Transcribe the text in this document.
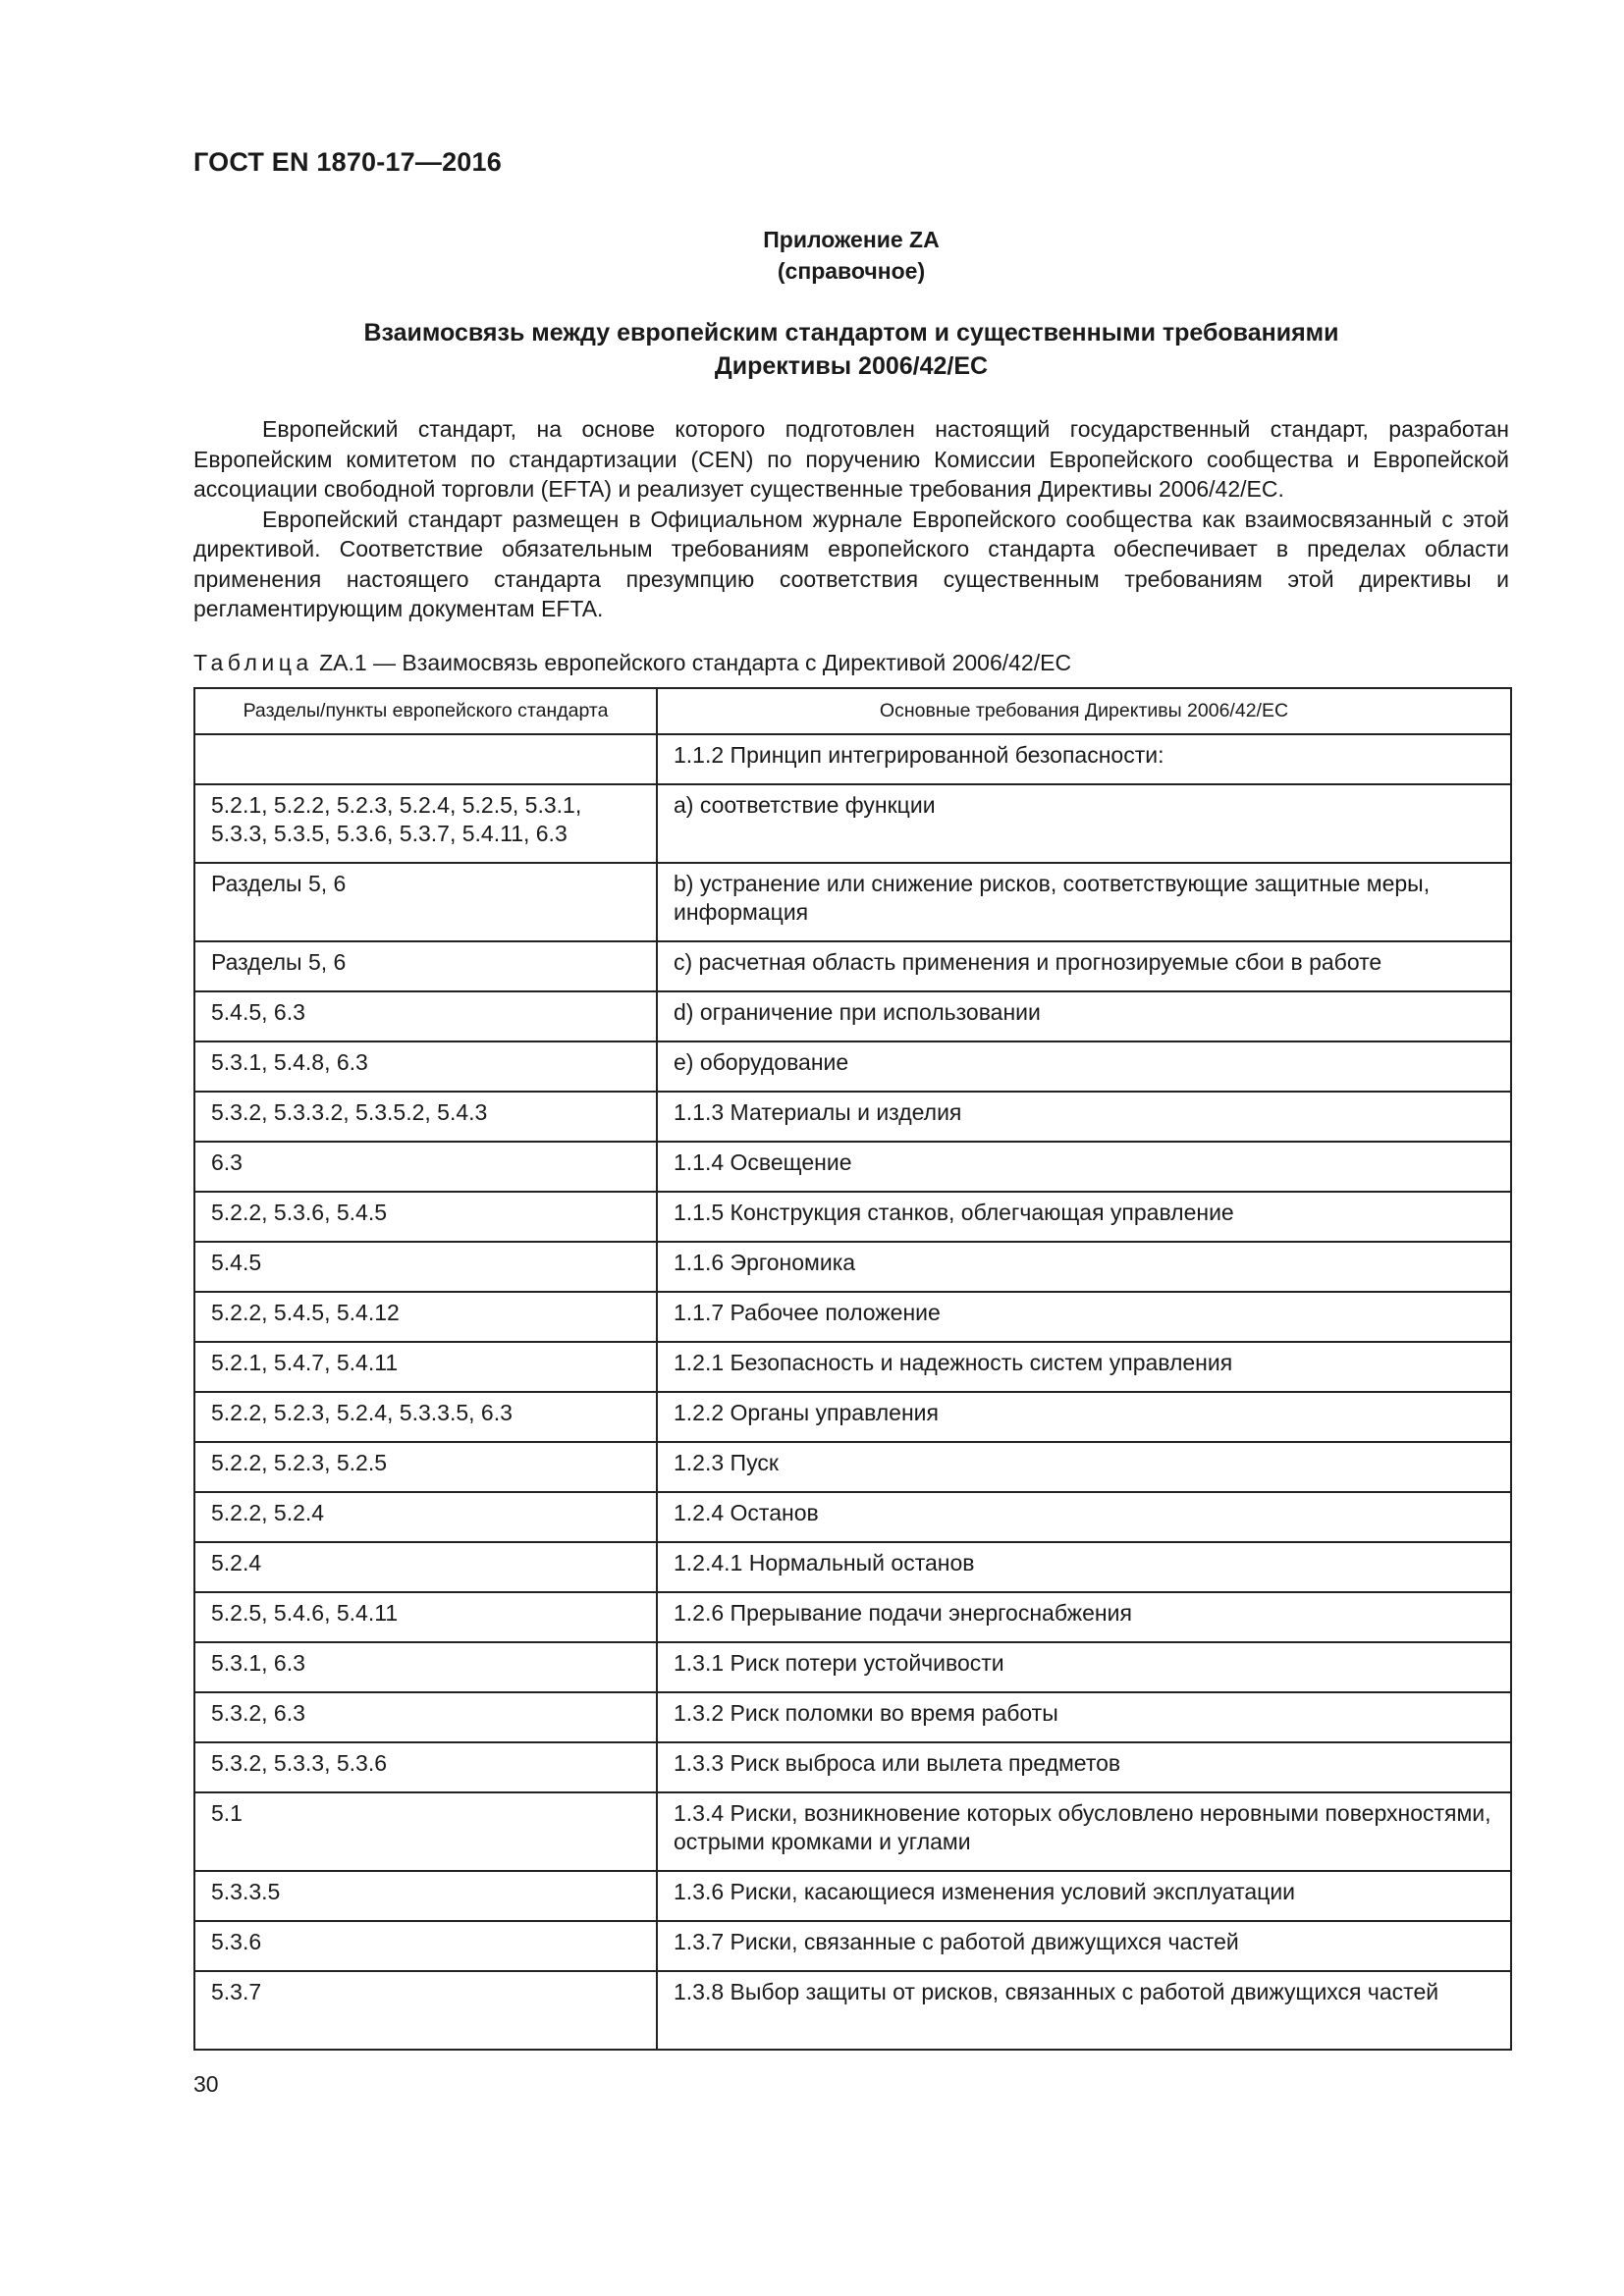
ГОСТ EN 1870-17—2016
Приложение ZA
(справочное)
Взаимосвязь между европейским стандартом и существенными требованиями
Директивы 2006/42/EC

Европейский стандарт, на основе которого подготовлен настоящий государственный стандарт, разработан Европейским комитетом по стандартизации (CEN) по поручению Комиссии Европейского сообщества и Европейской ассоциации свободной торговли (EFTA) и реализует существенные требования Директивы 2006/42/EC.

Европейский стандарт размещен в Официальном журнале Европейского сообщества как взаимосвязанный с этой директивой. Соответствие обязательным требованиям европейского стандарта обеспечивает в пределах области применения настоящего стандарта презумпцию соответствия существенным требованиям этой директивы и регламентирующим документам EFTA.

Таблица ZA.1 — Взаимосвязь европейского стандарта с Директивой 2006/42/EC
Разделы/пункты европейского стандарта	Основные требования Директивы 2006/42/EC
	1.1.2 Принцип интегрированной безопасности:
5.2.1, 5.2.2, 5.2.3, 5.2.4, 5.2.5, 5.3.1, 5.3.3, 5.3.5, 5.3.6, 5.3.7, 5.4.11, 6.3	a) соответствие функции
Разделы 5, 6	b) устранение или снижение рисков, соответствующие защитные меры, информация
Разделы 5, 6	c) расчетная область применения и прогнозируемые сбои в работе
5.4.5, 6.3	d) ограничение при использовании
5.3.1, 5.4.8, 6.3	e) оборудование
5.3.2, 5.3.3.2, 5.3.5.2, 5.4.3	1.1.3 Материалы и изделия
6.3	1.1.4 Освещение
5.2.2, 5.3.6, 5.4.5	1.1.5 Конструкция станков, облегчающая управление
5.4.5	1.1.6 Эргономика
5.2.2, 5.4.5, 5.4.12	1.1.7 Рабочее положение
5.2.1, 5.4.7, 5.4.11	1.2.1 Безопасность и надежность систем управления
5.2.2, 5.2.3, 5.2.4, 5.3.3.5, 6.3	1.2.2 Органы управления
5.2.2, 5.2.3, 5.2.5	1.2.3 Пуск
5.2.2, 5.2.4	1.2.4 Останов
5.2.4	1.2.4.1 Нормальный останов
5.2.5, 5.4.6, 5.4.11	1.2.6 Прерывание подачи энергоснабжения
5.3.1, 6.3	1.3.1 Риск потери устойчивости
5.3.2, 6.3	1.3.2 Риск поломки во время работы
5.3.2, 5.3.3, 5.3.6	1.3.3 Риск выброса или вылета предметов
5.1	1.3.4 Риски, возникновение которых обусловлено неровными поверхностями, острыми кромками и углами
5.3.3.5	1.3.6 Риски, касающиеся изменения условий эксплуатации
5.3.6	1.3.7 Риски, связанные с работой движущихся частей
5.3.7	1.3.8 Выбор защиты от рисков, связанных с работой движущихся частей
30
